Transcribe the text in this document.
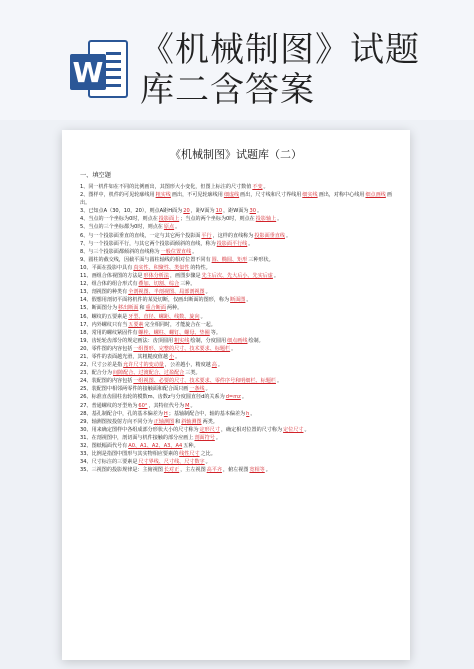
W
《机械制图》试题
库二含答案
《机械制图》试题库（二）
一、填空题
1、同一机件如在不同的比例画出，其图形大小变化，但图上标注的尺寸数值不变。
2、图样中，机件的可见轮廓线用粗实线画出，不可见轮廓线用细虚线画出，尺寸线和尺寸界线用细实线画出，对称中心线用细点画线画出。
3、已知点A（30，10，20），则点A距H面为20，距V面为10，距W面为30。
4、当点的一个坐标为0时，则点在投影面上；当点的两个坐标为0时，则点在投影轴上。
5、当点的三个坐标都为0时，则点在原点。
6、与一个投影面垂直的直线，一定与其它两个投影面平行，这样的直线称为投影面垂直线。
7、与一个投影面平行，与其它两个投影面倾斜的直线，称为投影面平行线。
8、与三个投影面都倾斜的直线称为一般位置直线。
9、圆柱的截交线，因截平面与圆柱轴线的相对位置不同有圆、椭圆、矩形三种形状。
10、平面在投影中具有真实性、积聚性、类似性的特性。
11、画组合体视图的方法是形体分析法，画图步骤是先主后次、先大后小、先实后虚。
12、组合体的组合形式有叠加、切割、综合三种。
13、剖视图的种类有全剖视图、半剖视图、局部剖视图。
14、假想用剖切平面将机件的某处切断，仅画出断面的图形，称为断面图。
15、断面图分为移出断面和重合断面两种。
16、螺纹的五要素是牙型、直径、螺距、线数、旋向。
17、内外螺纹只有当五要素完全相同时，才能旋合在一起。
18、常用的螺纹紧固件有螺栓、螺柱、螺钉、螺母、垫圈等。
19、齿轮轮齿部分的规定画法：齿顶圆用粗实线绘制，分度圆用细点画线绘制。
20、零件图的内容包括一组图形、完整的尺寸、技术要求、标题栏。
21、零件的表面越光滑，其粗糙度值越小。
22、尺寸公差是指允许尺寸的变动量，公差越小，精度越高。
23、配合分为间隙配合、过渡配合、过盈配合三类。
24、装配图的内容包括一组视图、必要的尺寸、技术要求、零件序号和明细栏、标题栏。
25、装配图中相邻两零件的接触面和配合面只画一条线。
26、标准直齿圆柱齿轮的模数m、齿数z与分度圆直径d的关系为d=mz。
27、普通螺纹的牙型角为60°，其特征代号为M。
28、基孔制配合中，孔的基本偏差为H；基轴制配合中，轴的基本偏差为h。
29、轴测图按投射方向不同分为正轴测图和斜轴测图两类。
30、用来确定图样中各组成部分形状大小的尺寸称为定形尺寸，确定相对位置的尺寸称为定位尺寸。
31、在剖视图中，剖切面与机件接触的部分应画上剖面符号。
32、图纸幅面代号有A0、A1、A2、A3、A4五种。
33、比例是指图中图形与其实物相应要素的线性尺寸之比。
34、尺寸标注的三要素是尺寸界线、尺寸线、尺寸数字。
35、三视图的投影规律是：主俯视图长对正，主左视图高平齐，俯左视图宽相等。
